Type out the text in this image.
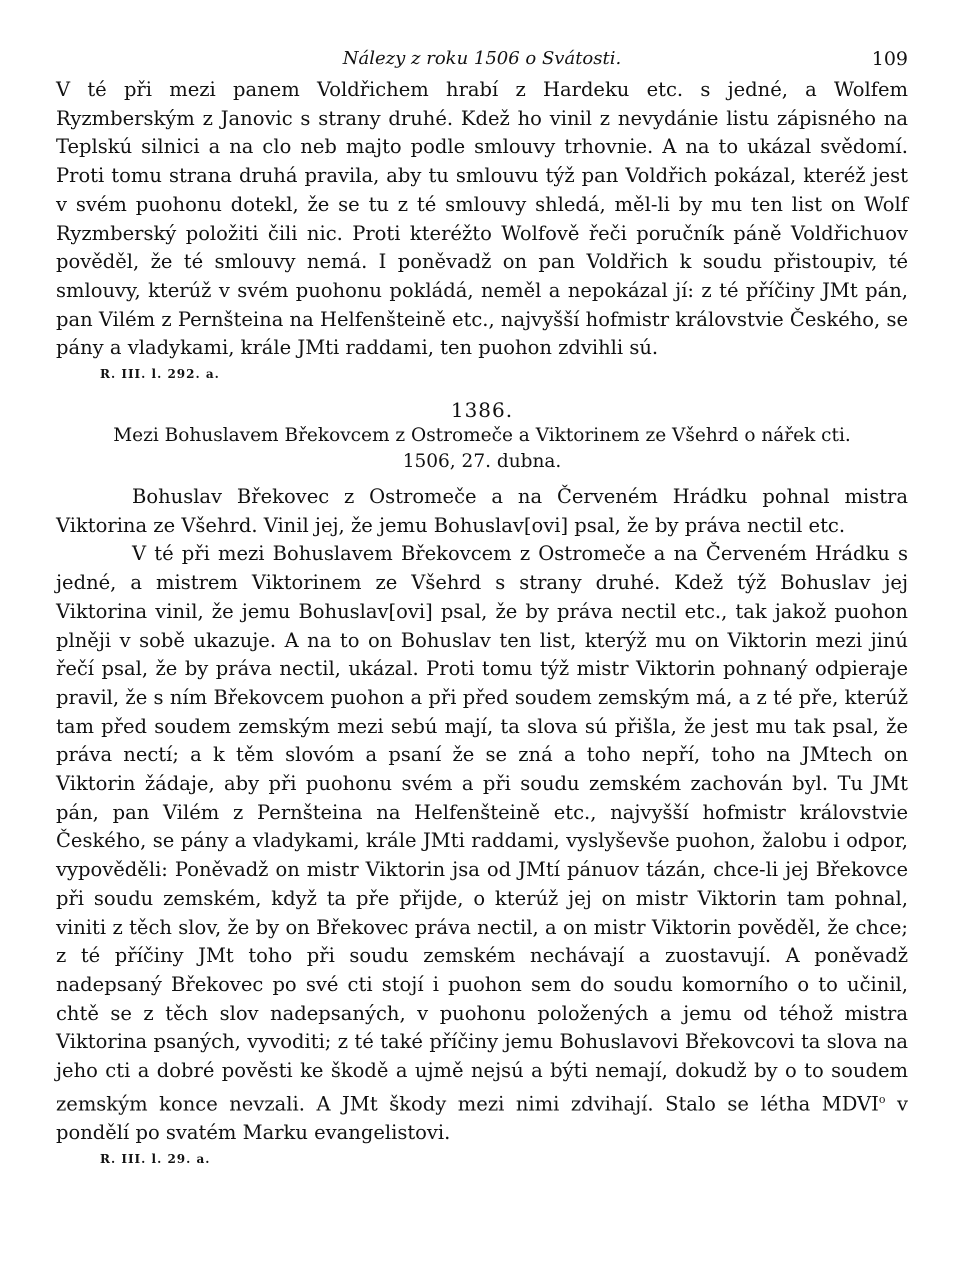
Nálezy z roku 1506 o Svátosti.	109

V té při mezi panem Voldřichem hrabí z Hardeku etc. s jedné, a Wolfem Ryzmberským z Janovic s strany druhé. Kdež ho vinil z nevydánie listu zápisného na Teplskú silnici a na clo neb majto podle smlouvy trhovnie. A na to ukázal svědomí. Proti tomu strana druhá pravila, aby tu smlouvu týž pan Voldřich pokázal, kteréž jest v svém puohonu dotekl, že se tu z té smlouvy shledá, měl-li by mu ten list on Wolf Ryzmberský položiti čili nic. Proti kteréžto Wolfově řeči poručník páně Voldřichuov pověděl, že té smlouvy nemá. I poněvadž on pan Voldřich k soudu přistoupiv, té smlouvy, kterúž v svém puohonu pokládá, neměl a nepokázal jí: z té příčiny JMt pán, pan Vilém z Pernšteina na Helfenšteině etc., najvyšší hofmistr královstvie Českého, se pány a vladykami, krále JMti raddami, ten puohon zdvihli sú.

R. III. l. 292. a.
1386.
Mezi Bohuslavem Břekovcem z Ostromeče a Viktorinem ze Všehrd o nářek cti.
1506, 27. dubna.

Bohuslav Břekovec z Ostromeče a na Červeném Hrádku pohnal mistra Viktorina ze Všehrd. Vinil jej, že jemu Bohuslav[ovi] psal, že by práva nectil etc.

V té při mezi Bohuslavem Břekovcem z Ostromeče a na Červeném Hrádku s jedné, a mistrem Viktorinem ze Všehrd s strany druhé. Kdež týž Bohuslav jej Viktorina vinil, že jemu Bohuslav[ovi] psal, že by práva nectil etc., tak jakož puohon plněji v sobě ukazuje. A na to on Bohuslav ten list, kterýž mu on Viktorin mezi jinú řečí psal, že by práva nectil, ukázal. Proti tomu týž mistr Viktorin pohnaný odpieraje pravil, že s ním Břekovcem puohon a při před soudem zemským má, a z té pře, kterúž tam před soudem zemským mezi sebú mají, ta slova sú přišla, že jest mu tak psal, že práva nectí; a k těm slovóm a psaní že se zná a toho nepří, toho na JMtech on Viktorin žádaje, aby při puohonu svém a při soudu zemském zachován byl. Tu JMt pán, pan Vilém z Pernšteina na Helfenšteině etc., najvyšší hofmistr královstvie Českého, se pány a vladykami, krále JMti raddami, vyslyševše puohon, žalobu i odpor, vypověděli: Poněvadž on mistr Viktorin jsa od JMtí pánuov tázán, chce-li jej Břekovce při soudu zemském, když ta pře přijde, o kterúž jej on mistr Viktorin tam pohnal, viniti z těch slov, že by on Břekovec práva nectil, a on mistr Viktorin pověděl, že chce; z té příčiny JMt toho při soudu zemském nechávají a zuostavují. A poněvadž nadepsaný Břekovec po své cti stojí i puohon sem do soudu komorního o to učinil, chtě se z těch slov nadepsaných, v puohonu položených a jemu od téhož mistra Viktorina psaných, vyvoditi; z té také příčiny jemu Bohuslavovi Břekovcovi ta slova na jeho cti a dobré pověsti ke škodě a ujmě nejsú a býti nemají, dokudž by o to soudem zemským konce nevzali. A JMt škody mezi nimi zdvihají. Stalo se létha MDVI$^o$ v pondělí po svatém Marku evangelistovi.

R. III. l. 29. a.
